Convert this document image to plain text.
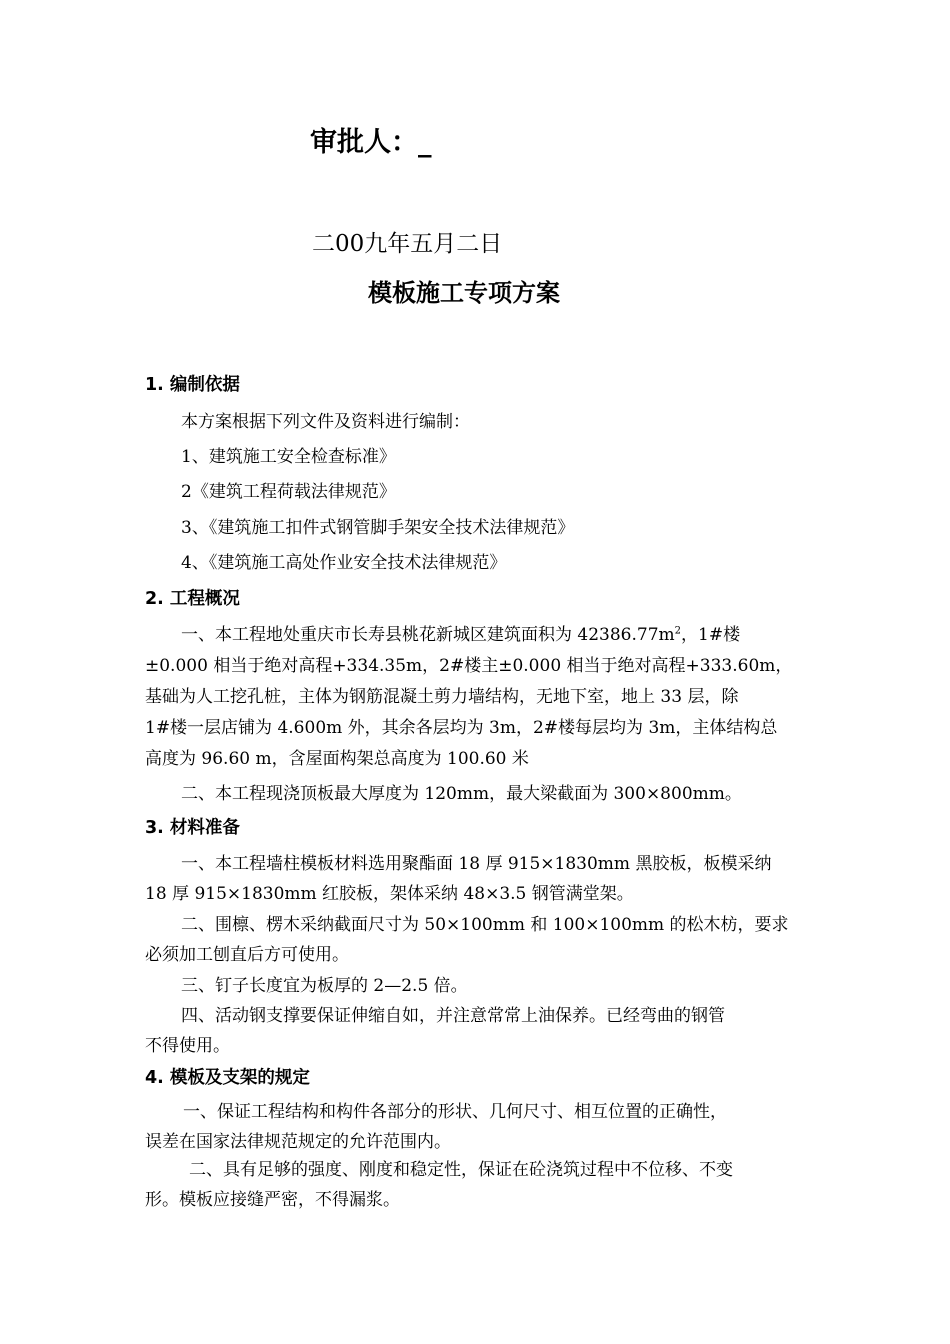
审批人：_
二00九年五月二日
模板施工专项方案
1. 编制依据
本方案根据下列文件及资料进行编制：
1、建筑施工安全检查标准》
2《建筑工程荷载法律规范》
3、《建筑施工扣件式钢管脚手架安全技术法律规范》
4、《建筑施工高处作业安全技术法律规范》
2. 工程概况
一、本工程地处重庆市长寿县桃花新城区建筑面积为 $42386.77m^2$，1#楼
±0.000 相当于绝对高程+334.35m，2#楼主±0.000 相当于绝对高程+333.60m，
基础为人工挖孔桩，主体为钢筋混凝土剪力墙结构，无地下室，地上 33 层，除
1#楼一层店铺为 4.600m 外，其余各层均为 3m，2#楼每层均为 3m，主体结构总
高度为 96.60 m，含屋面构架总高度为 100.60 米
二、本工程现浇顶板最大厚度为 120mm，最大梁截面为 300×800mm。
3. 材料准备
一、本工程墙柱模板材料选用聚酯面 18 厚 915×1830mm 黑胶板，板模采纳
18 厚 915×1830mm 红胶板，架体采纳 48×3.5 钢管满堂架。
二、围檩、楞木采纳截面尺寸为 50×100mm 和 100×100mm 的松木枋，要求
必须加工刨直后方可使用。
三、钉子长度宜为板厚的 2—2.5 倍。
四、活动钢支撑要保证伸缩自如，并注意常常上油保养。已经弯曲的钢管
不得使用。
4. 模板及支架的规定
一、保证工程结构和构件各部分的形状、几何尺寸、相互位置的正确性，
误差在国家法律规范规定的允许范围内。
二、具有足够的强度、刚度和稳定性，保证在砼浇筑过程中不位移、不变
形。模板应接缝严密，不得漏浆。
